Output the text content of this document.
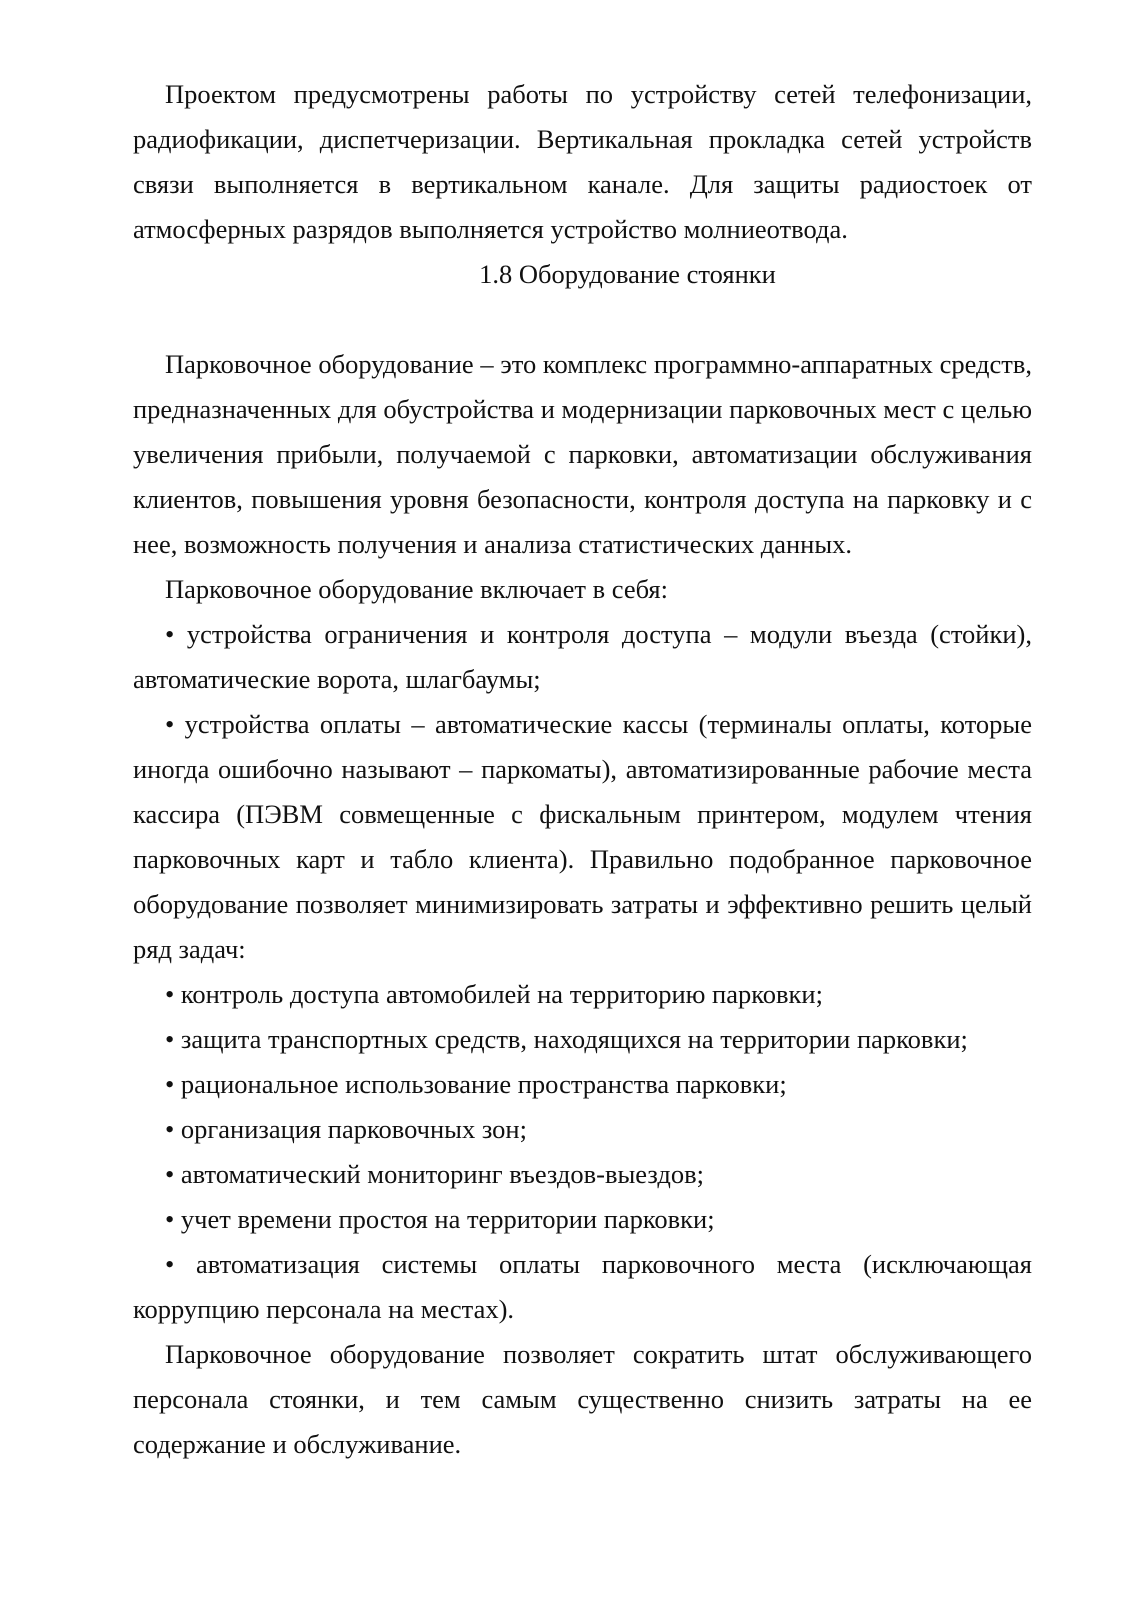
Проектом предусмотрены работы по устройству сетей телефонизации, радиофикации, диспетчеризации. Вертикальная прокладка сетей устройств связи выполняется в вертикальном канале. Для защиты радиостоек от атмосферных разрядов выполняется устройство молниеотвода.

1.8 Оборудование стоянки

Парковочное оборудование – это комплекс программно-аппаратных средств, предназначенных для обустройства и модернизации парковочных мест с целью увеличения прибыли, получаемой с парковки, автоматизации обслуживания клиентов, повышения уровня безопасности, контроля доступа на парковку и с нее, возможность получения и анализа статистических данных.

Парковочное оборудование включает в себя:

• устройства ограничения и контроля доступа – модули въезда (стойки), автоматические ворота, шлагбаумы;

• устройства оплаты – автоматические кассы (терминалы оплаты, которые иногда ошибочно называют – паркоматы), автоматизированные рабочие места кассира (ПЭВМ совмещенные с фискальным принтером, модулем чтения парковочных карт и табло клиента). Правильно подобранное парковочное оборудование позволяет минимизировать затраты и эффективно решить целый ряд задач:

• контроль доступа автомобилей на территорию парковки;

• защита транспортных средств, находящихся на территории парковки;

• рациональное использование пространства парковки;

• организация парковочных зон;

• автоматический мониторинг въездов-выездов;

• учет времени простоя на территории парковки;

• автоматизация системы оплаты парковочного места (исключающая коррупцию персонала на местах).

Парковочное оборудование позволяет сократить штат обслуживающего персонала стоянки, и тем самым существенно снизить затраты на ее содержание и обслуживание.
